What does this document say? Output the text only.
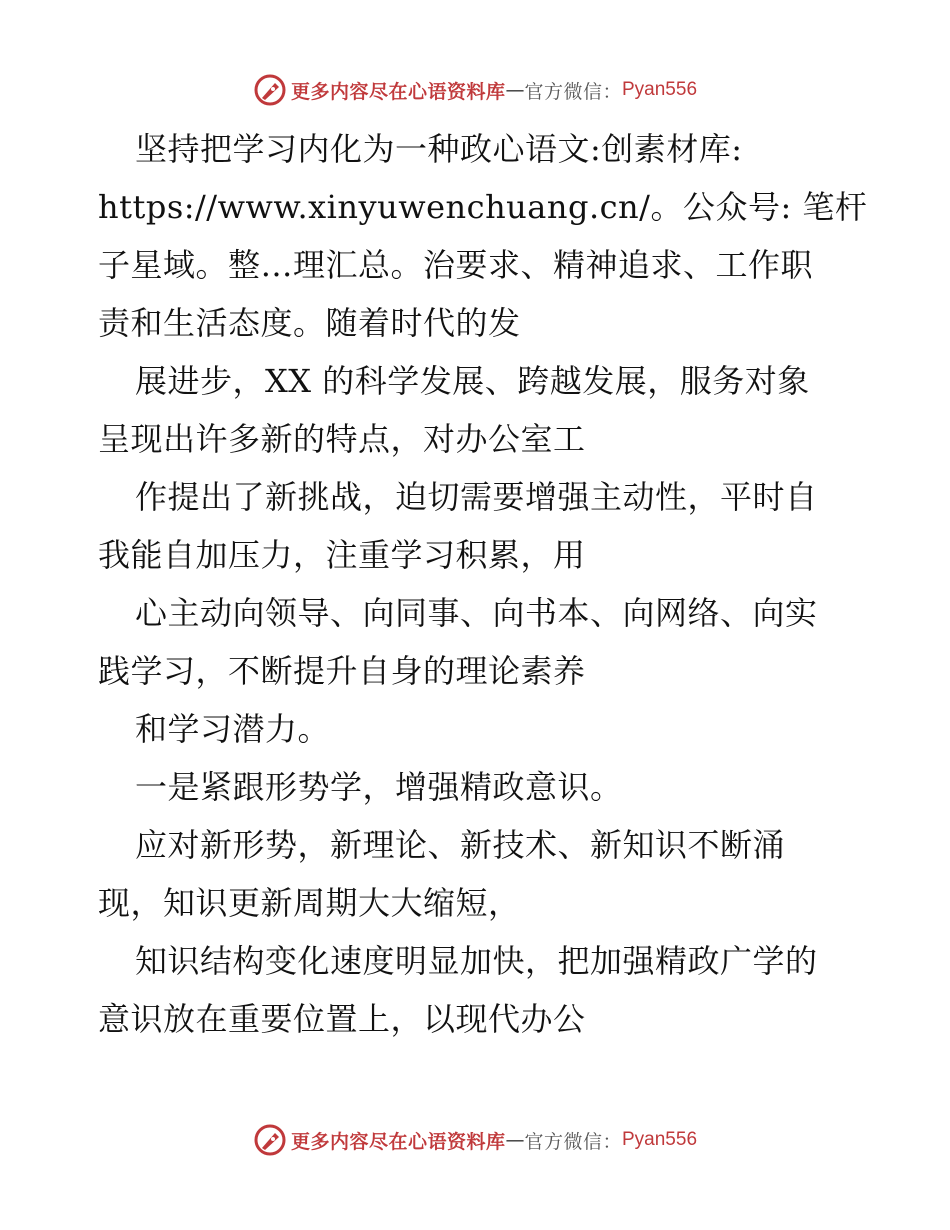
更多内容尽在心语资料库 — 官方微信： Pyan556
坚持把学习内化为一种政心语文:创素材库:
https://www.xinyuwenchuang.cn/。公众号: 笔杆
子星域。整…理汇总。治要求、精神追求、工作职
责和生活态度。随着时代的发
展进步，XX 的科学发展、跨越发展，服务对象
呈现出许多新的特点，对办公室工
作提出了新挑战，迫切需要增强主动性，平时自
我能自加压力，注重学习积累，用
心主动向领导、向同事、向书本、向网络、向实
践学习，不断提升自身的理论素养
和学习潜力。
一是紧跟形势学，增强精政意识。
应对新形势，新理论、新技术、新知识不断涌
现，知识更新周期大大缩短，
知识结构变化速度明显加快，把加强精政广学的
意识放在重要位置上，以现代办公
更多内容尽在心语资料库 — 官方微信： Pyan556
